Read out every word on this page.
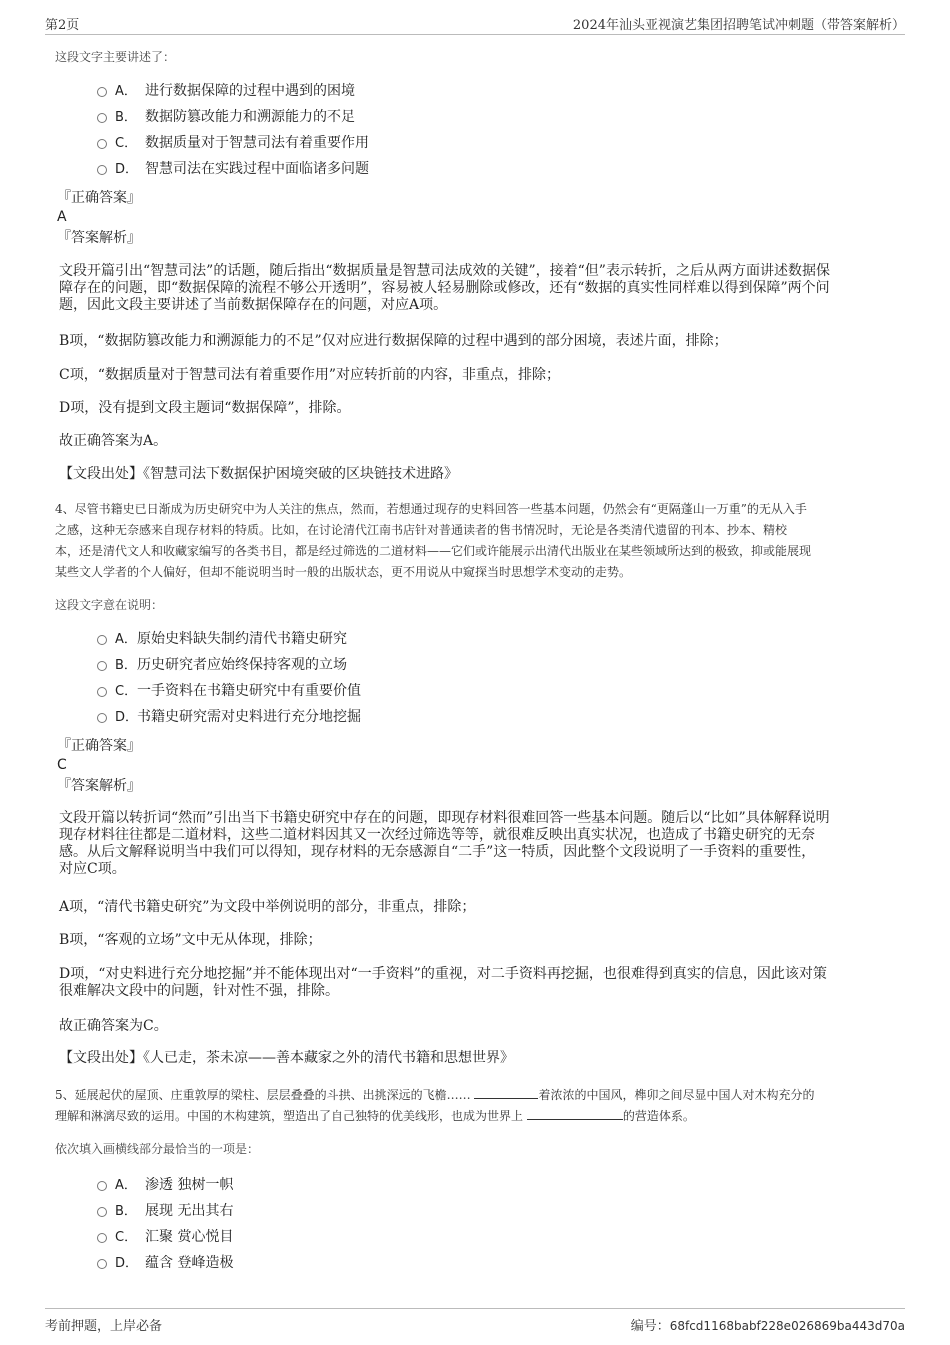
第2页	2024年汕头亚视演艺集团招聘笔试冲刺题（带答案解析）
这段文字主要讲述了：
A． 进行数据保障的过程中遇到的困境
B． 数据防篡改能力和溯源能力的不足
C． 数据质量对于智慧司法有着重要作用
D． 智慧司法在实践过程中面临诸多问题
『正确答案』
A
『答案解析』
文段开篇引出“智慧司法”的话题，随后指出“数据质量是智慧司法成效的关键”，接着“但”表示转折，之后从两方面讲述数据保
障存在的问题，即“数据保障的流程不够公开透明”，容易被人轻易删除或修改，还有“数据的真实性同样难以得到保障”两个问
题，因此文段主要讲述了当前数据保障存在的问题，对应A项。
B项，“数据防篡改能力和溯源能力的不足”仅对应进行数据保障的过程中遇到的部分困境，表述片面，排除；
C项，“数据质量对于智慧司法有着重要作用”对应转折前的内容，非重点，排除；
D项，没有提到文段主题词“数据保障”，排除。
故正确答案为A。
【文段出处】《智慧司法下数据保护困境突破的区块链技术进路》
4、尽管书籍史已日渐成为历史研究中为人关注的焦点，然而，若想通过现存的史料回答一些基本问题，仍然会有“更隔蓬山一万重”的无从入手
之感，这种无奈感来自现存材料的特质。比如，在讨论清代江南书店针对普通读者的售书情况时，无论是各类清代遗留的刊本、抄本、精校
本，还是清代文人和收藏家编写的各类书目，都是经过筛选的二道材料——它们或许能展示出清代出版业在某些领域所达到的极致，抑或能展现
某些文人学者的个人偏好，但却不能说明当时一般的出版状态，更不用说从中窥探当时思想学术变动的走势。
这段文字意在说明：
A．原始史料缺失制约清代书籍史研究
B．历史研究者应始终保持客观的立场
C．一手资料在书籍史研究中有重要价值
D．书籍史研究需对史料进行充分地挖掘
『正确答案』
C
『答案解析』
文段开篇以转折词“然而”引出当下书籍史研究中存在的问题，即现存材料很难回答一些基本问题。随后以“比如”具体解释说明
现存材料往往都是二道材料，这些二道材料因其又一次经过筛选等等，就很难反映出真实状况，也造成了书籍史研究的无奈
感。从后文解释说明当中我们可以得知，现存材料的无奈感源自“二手”这一特质，因此整个文段说明了一手资料的重要性，
对应C项。
A项，“清代书籍史研究”为文段中举例说明的部分，非重点，排除；
B项，“客观的立场”文中无从体现，排除；
D项，“对史料进行充分地挖掘”并不能体现出对“一手资料”的重视，对二手资料再挖掘，也很难得到真实的信息，因此该对策
很难解决文段中的问题，针对性不强，排除。
故正确答案为C。
【文段出处】《人已走，茶未凉——善本藏家之外的清代书籍和思想世界》
5、延展起伏的屋顶、庄重敦厚的梁柱、层层叠叠的斗拱、出挑深远的飞檐……	着浓浓的中国风，榫卯之间尽显中国人对木构充分的
理解和淋漓尽致的运用。中国的木构建筑，塑造出了自己独特的优美线形，也成为世界上	的营造体系。
依次填入画横线部分最恰当的一项是：
A． 渗透 独树一帜
B． 展现 无出其右
C． 汇聚 赏心悦目
D． 蕴含 登峰造极
考前押题，上岸必备	编号：68fcd1168babf228e026869ba443d70a
